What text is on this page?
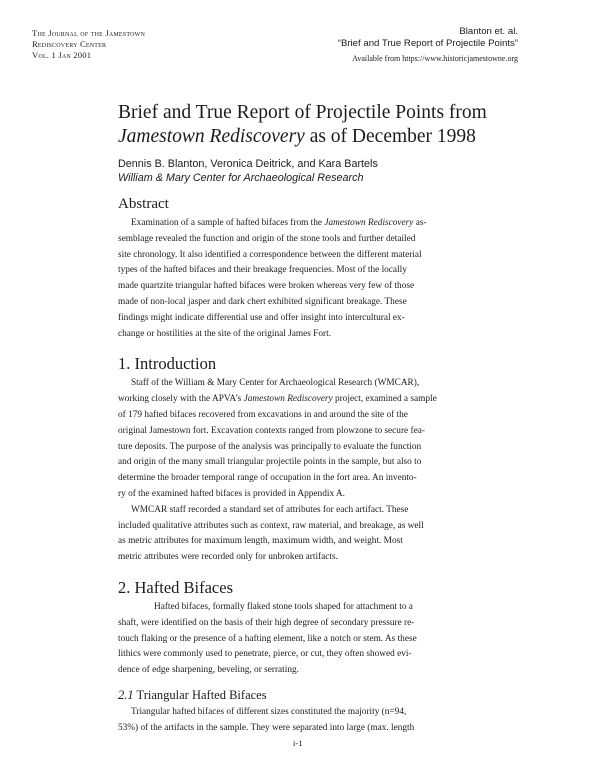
The Journal of the Jamestown
Rediscovery Center
Vol. 1 Jan 2001
Blanton et. al.
“Brief and True Report of Projectile Points”
Available from https://www.historicjamestowne.org
Brief and True Report of Projectile Points from
Jamestown Rediscovery as of December 1998
Dennis B. Blanton, Veronica Deitrick, and Kara Bartels
William & Mary Center for Archaeological Research
Abstract

Examination of a sample of hafted bifaces from the Jamestown Rediscovery as-

semblage revealed the function and origin of the stone tools and further detailed

site chronology. It also identified a correspondence between the different material

types of the hafted bifaces and their breakage frequencies. Most of the locally

made quartzite triangular hafted bifaces were broken whereas very few of those

made of non-local jasper and dark chert exhibited significant breakage. These

findings might indicate differential use and offer insight into intercultural ex-

change or hostilities at the site of the original James Fort.

1. Introduction

Staff of the William & Mary Center for Archaeological Research (WMCAR),

working closely with the APVA’s Jamestown Rediscovery project, examined a sample

of 179 hafted bifaces recovered from excavations in and around the site of the

original Jamestown fort. Excavation contexts ranged from plowzone to secure fea-

ture deposits. The purpose of the analysis was principally to evaluate the function

and origin of the many small triangular projectile points in the sample, but also to

determine the broader temporal range of occupation in the fort area. An invento-

ry of the examined hafted bifaces is provided in Appendix A.

WMCAR staff recorded a standard set of attributes for each artifact. These

included qualitative attributes such as context, raw material, and breakage, as well

as metric attributes for maximum length, maximum width, and weight. Most

metric attributes were recorded only for unbroken artifacts.

2. Hafted Bifaces

Hafted bifaces, formally flaked stone tools shaped for attachment to a

shaft, were identified on the basis of their high degree of secondary pressure re-

touch flaking or the presence of a hafting element, like a notch or stem. As these

lithics were commonly used to penetrate, pierce, or cut, they often showed evi-

dence of edge sharpening, beveling, or serrating.

2.1 Triangular Hafted Bifaces

Triangular hafted bifaces of different sizes constituted the majority (n=94,

53%) of the artifacts in the sample. They were separated into large (max. length

i-1
